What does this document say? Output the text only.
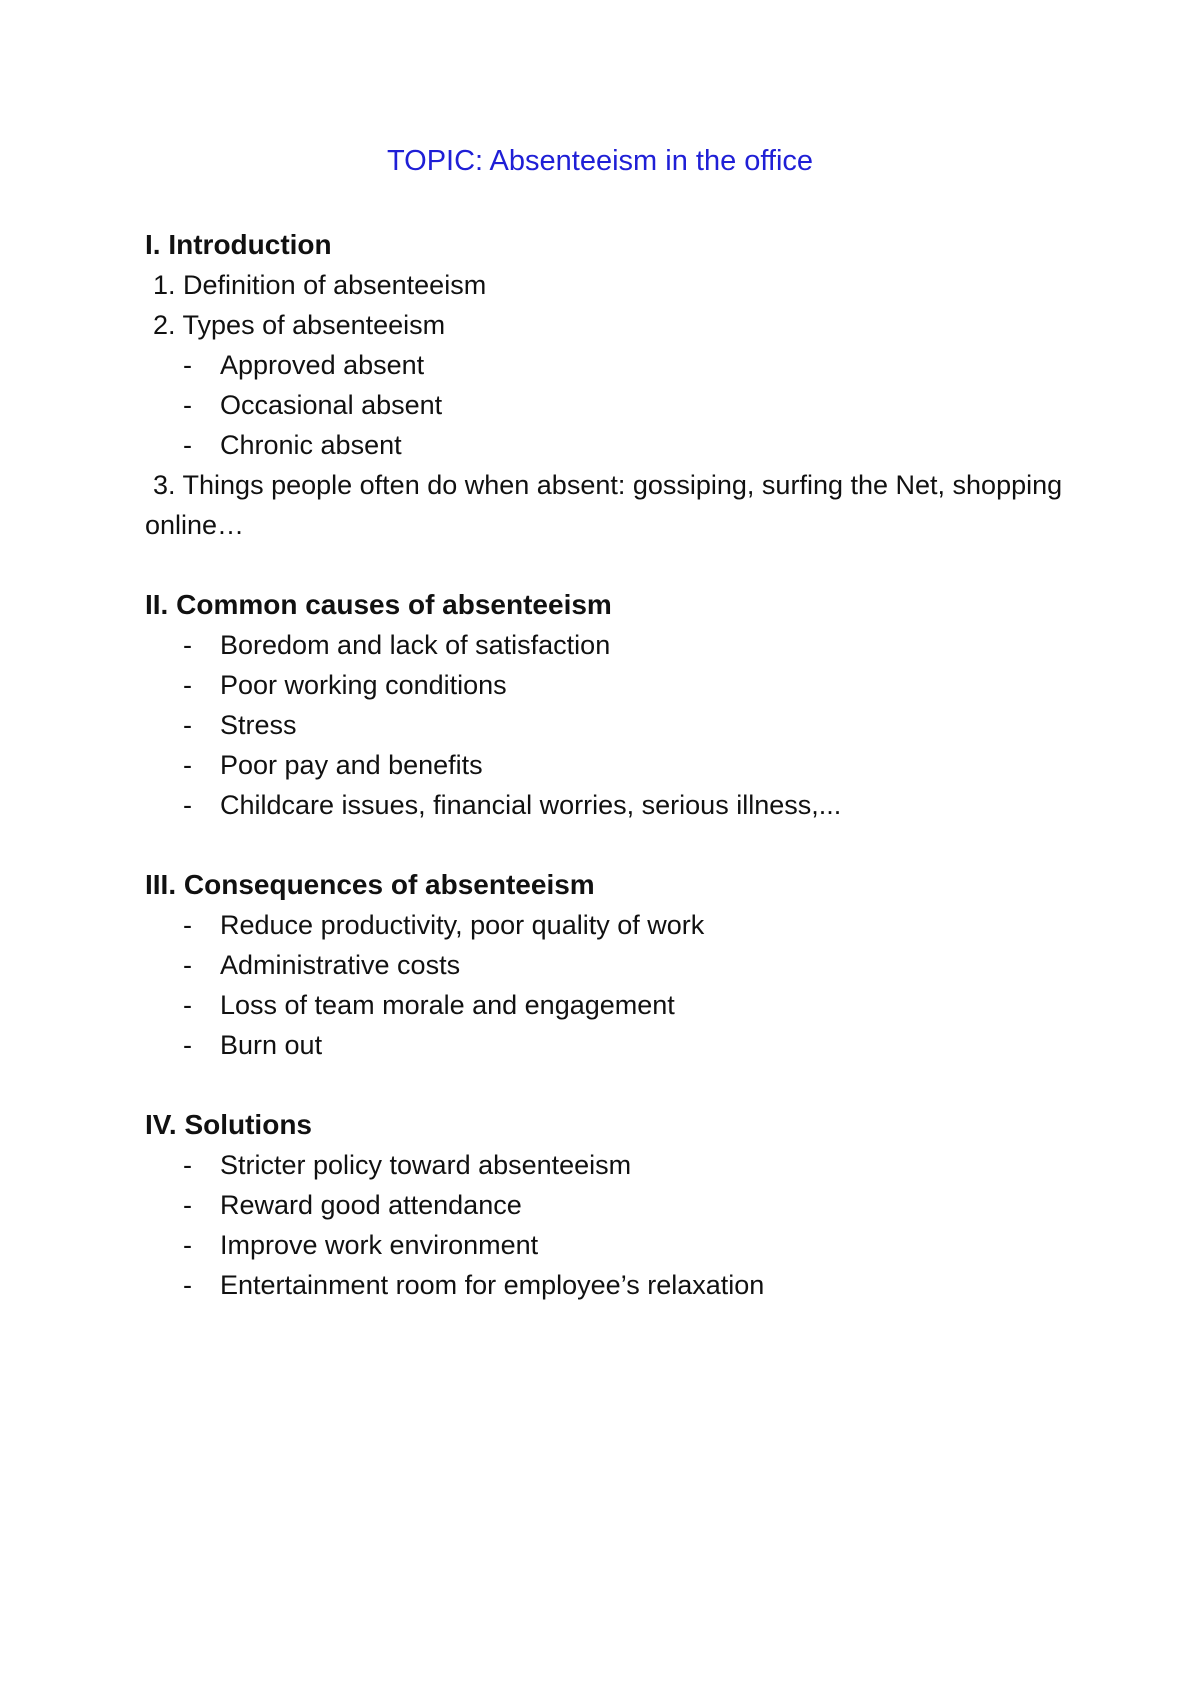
TOPIC: Absenteeism in the office
I. Introduction
1. Definition of absenteeism
2. Types of absenteeism
- Approved absent
- Occasional absent
- Chronic absent
3. Things people often do when absent: gossiping, surfing the Net, shopping online…
II. Common causes of absenteeism
- Boredom and lack of satisfaction
- Poor working conditions
- Stress
- Poor pay and benefits
- Childcare issues, financial worries, serious illness,...
III. Consequences of absenteeism
- Reduce productivity, poor quality of work
- Administrative costs
- Loss of team morale and engagement
- Burn out
IV. Solutions
- Stricter policy toward absenteeism
- Reward good attendance
- Improve work environment
- Entertainment room for employee’s relaxation
